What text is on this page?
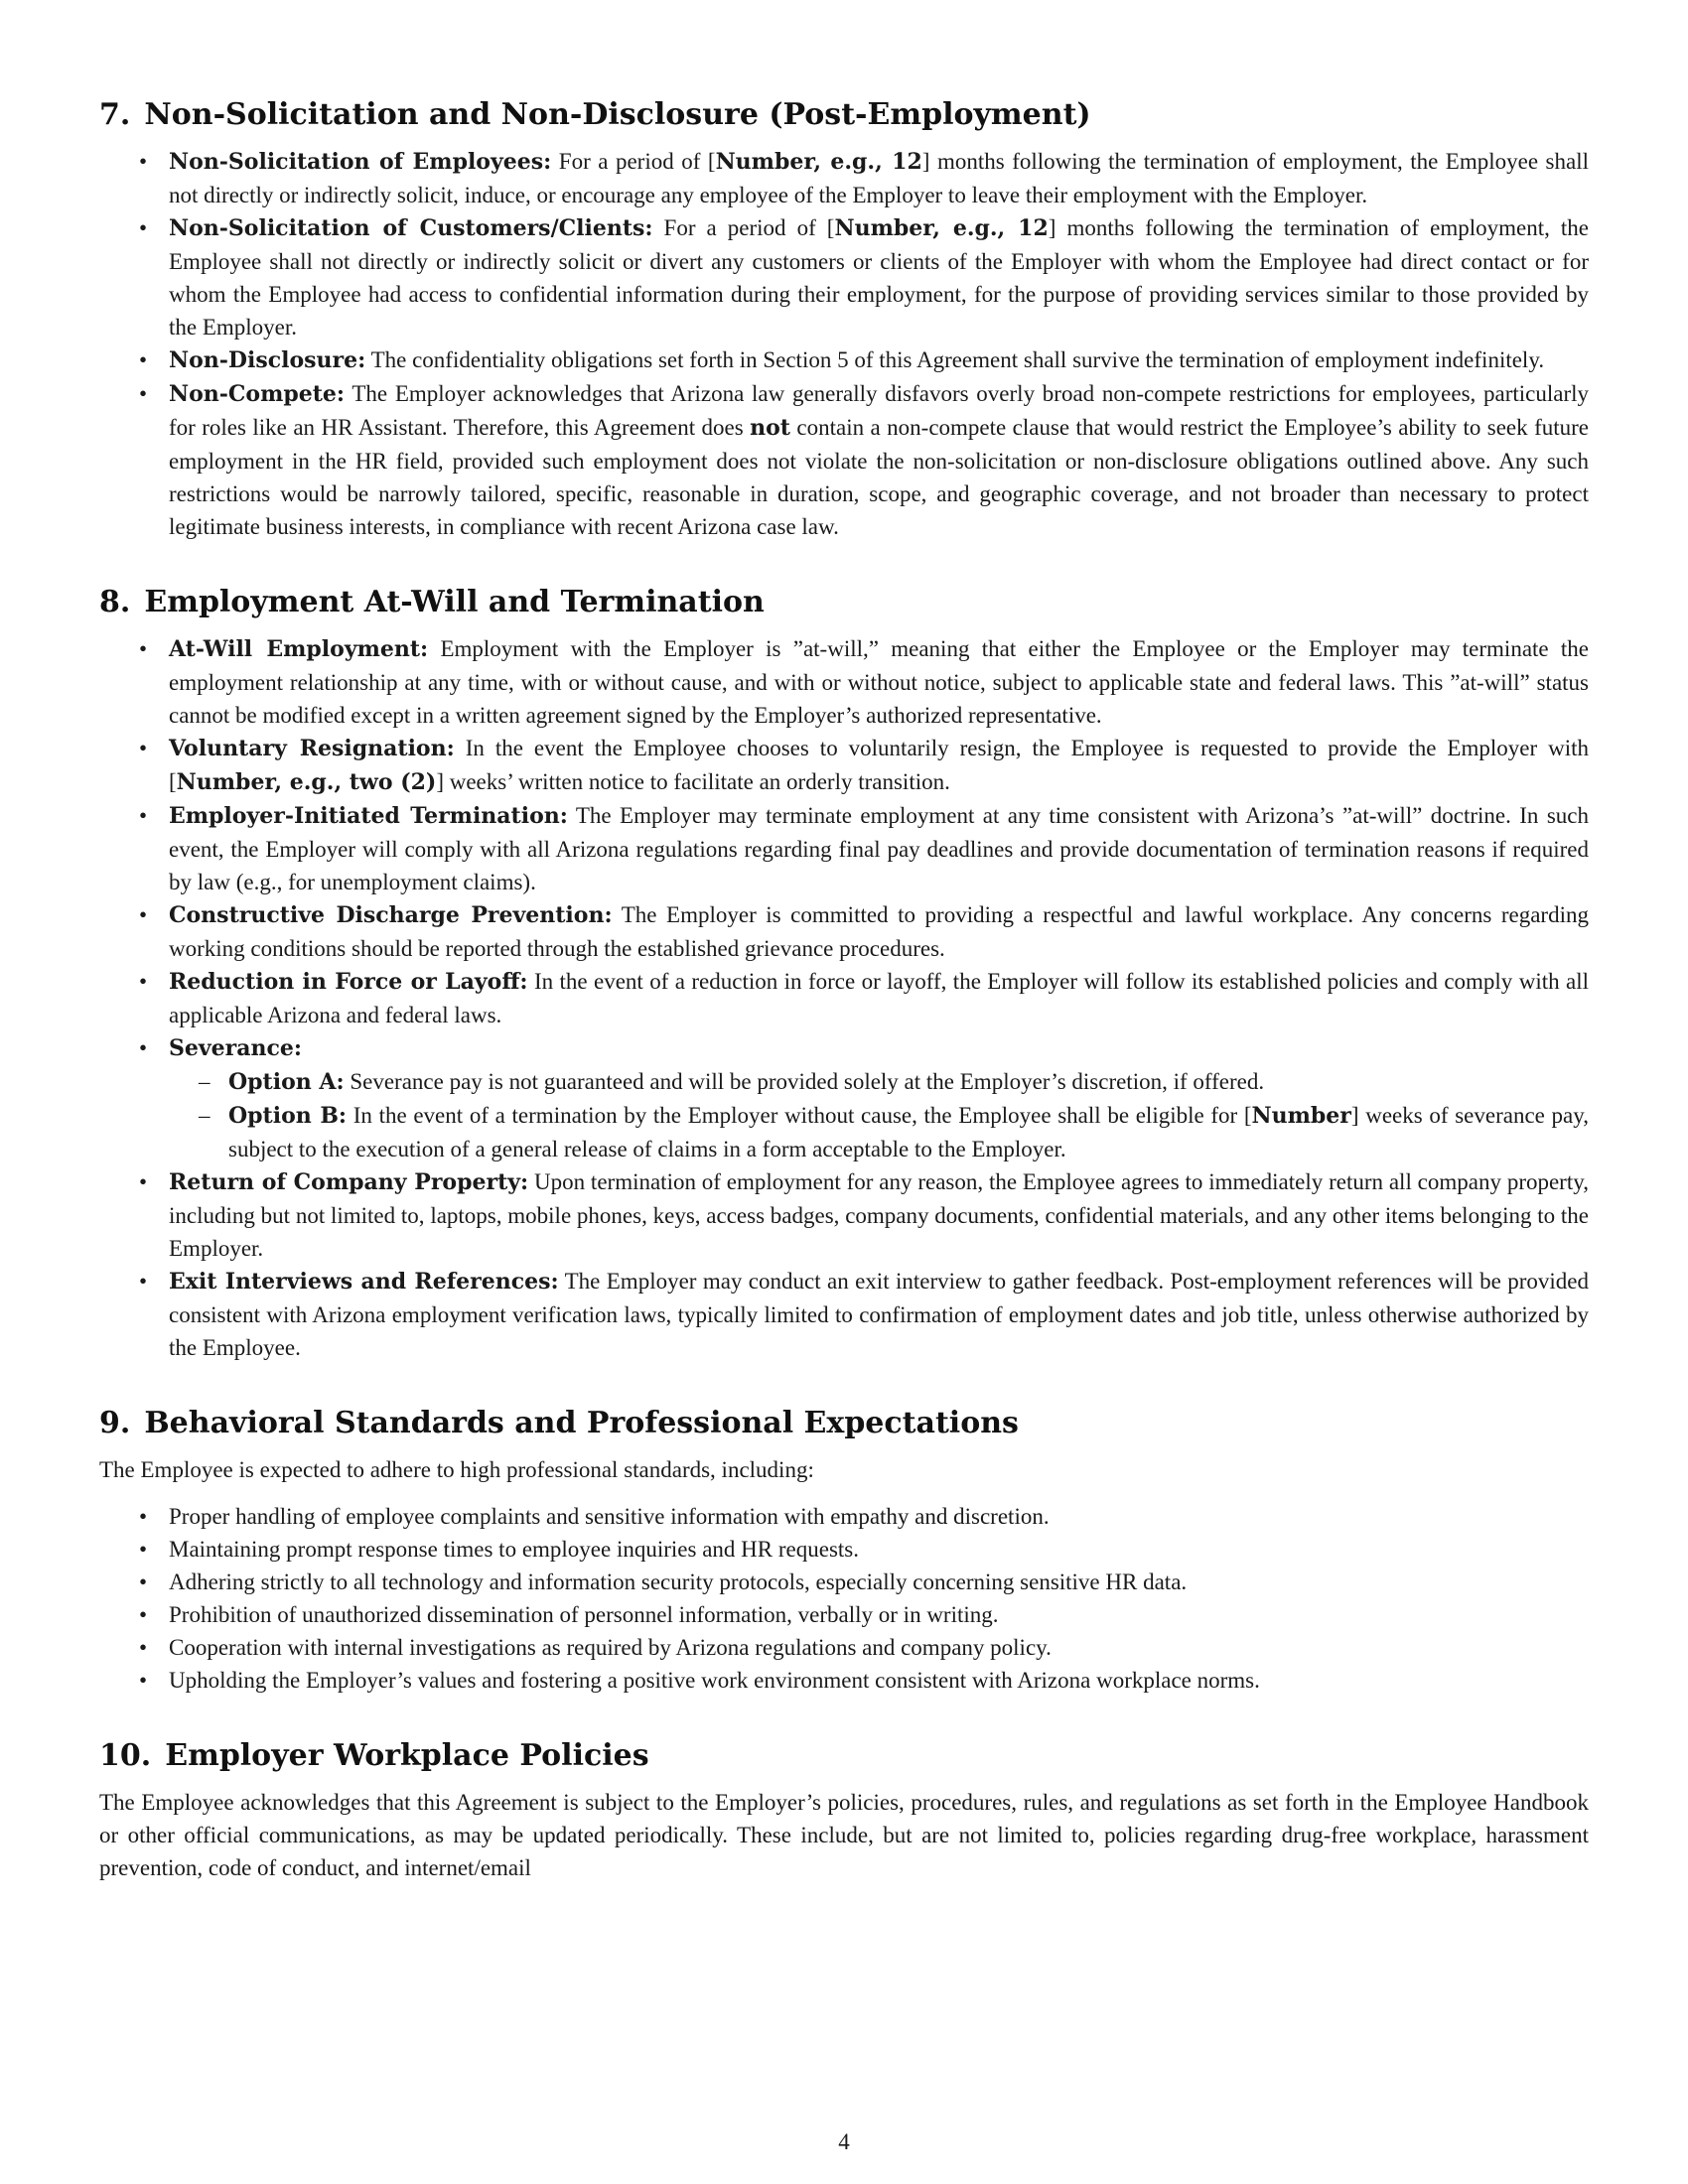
7. Non-Solicitation and Non-Disclosure (Post-Employment)
• Non-Solicitation of Employees: For a period of [Number, e.g., 12] months following the termination of employment, the Employee shall not directly or indirectly solicit, induce, or encourage any employee of the Employer to leave their employment with the Employer.
• Non-Solicitation of Customers/Clients: For a period of [Number, e.g., 12] months following the termination of employment, the Employee shall not directly or indirectly solicit or divert any customers or clients of the Employer with whom the Employee had direct contact or for whom the Employee had access to confidential information during their employment, for the purpose of providing services similar to those provided by the Employer.
• Non-Disclosure: The confidentiality obligations set forth in Section 5 of this Agreement shall survive the termination of employment indefinitely.
• Non-Compete: The Employer acknowledges that Arizona law generally disfavors overly broad non-compete restrictions for employees, particularly for roles like an HR Assistant. Therefore, this Agreement does not contain a non-compete clause that would restrict the Employee’s ability to seek future employment in the HR field, provided such employment does not violate the non-solicitation or non-disclosure obligations outlined above. Any such restrictions would be narrowly tailored, specific, reasonable in duration, scope, and geographic coverage, and not broader than necessary to protect legitimate business interests, in compliance with recent Arizona case law.
8. Employment At-Will and Termination
• At-Will Employment: Employment with the Employer is ”at-will,” meaning that either the Employee or the Employer may terminate the employment relationship at any time, with or without cause, and with or without notice, subject to applicable state and federal laws. This ”at-will” status cannot be modified except in a written agreement signed by the Employer’s authorized representative.
• Voluntary Resignation: In the event the Employee chooses to voluntarily resign, the Employee is requested to provide the Employer with [Number, e.g., two (2)] weeks’ written notice to facilitate an orderly transition.
• Employer-Initiated Termination: The Employer may terminate employment at any time consistent with Arizona’s ”at-will” doctrine. In such event, the Employer will comply with all Arizona regulations regarding final pay deadlines and provide documentation of termination reasons if required by law (e.g., for unemployment claims).
• Constructive Discharge Prevention: The Employer is committed to providing a respectful and lawful workplace. Any concerns regarding working conditions should be reported through the established grievance procedures.
• Reduction in Force or Layoff: In the event of a reduction in force or layoff, the Employer will follow its established policies and comply with all applicable Arizona and federal laws.
• Severance:
– Option A: Severance pay is not guaranteed and will be provided solely at the Employer’s discretion, if offered.
– Option B: In the event of a termination by the Employer without cause, the Employee shall be eligible for [Number] weeks of severance pay, subject to the execution of a general release of claims in a form acceptable to the Employer.
• Return of Company Property: Upon termination of employment for any reason, the Employee agrees to immediately return all company property, including but not limited to, laptops, mobile phones, keys, access badges, company documents, confidential materials, and any other items belonging to the Employer.
• Exit Interviews and References: The Employer may conduct an exit interview to gather feedback. Post-employment references will be provided consistent with Arizona employment verification laws, typically limited to confirmation of employment dates and job title, unless otherwise authorized by the Employee.
9. Behavioral Standards and Professional Expectations

The Employee is expected to adhere to high professional standards, including:

• Proper handling of employee complaints and sensitive information with empathy and discretion.
• Maintaining prompt response times to employee inquiries and HR requests.
• Adhering strictly to all technology and information security protocols, especially concerning sensitive HR data.
• Prohibition of unauthorized dissemination of personnel information, verbally or in writing.
• Cooperation with internal investigations as required by Arizona regulations and company policy.
• Upholding the Employer’s values and fostering a positive work environment consistent with Arizona workplace norms.
10. Employer Workplace Policies

The Employee acknowledges that this Agreement is subject to the Employer’s policies, procedures, rules, and regulations as set forth in the Employee Handbook or other official communications, as may be updated periodically. These include, but are not limited to, policies regarding drug-free workplace, harassment prevention, code of conduct, and internet/email

4
